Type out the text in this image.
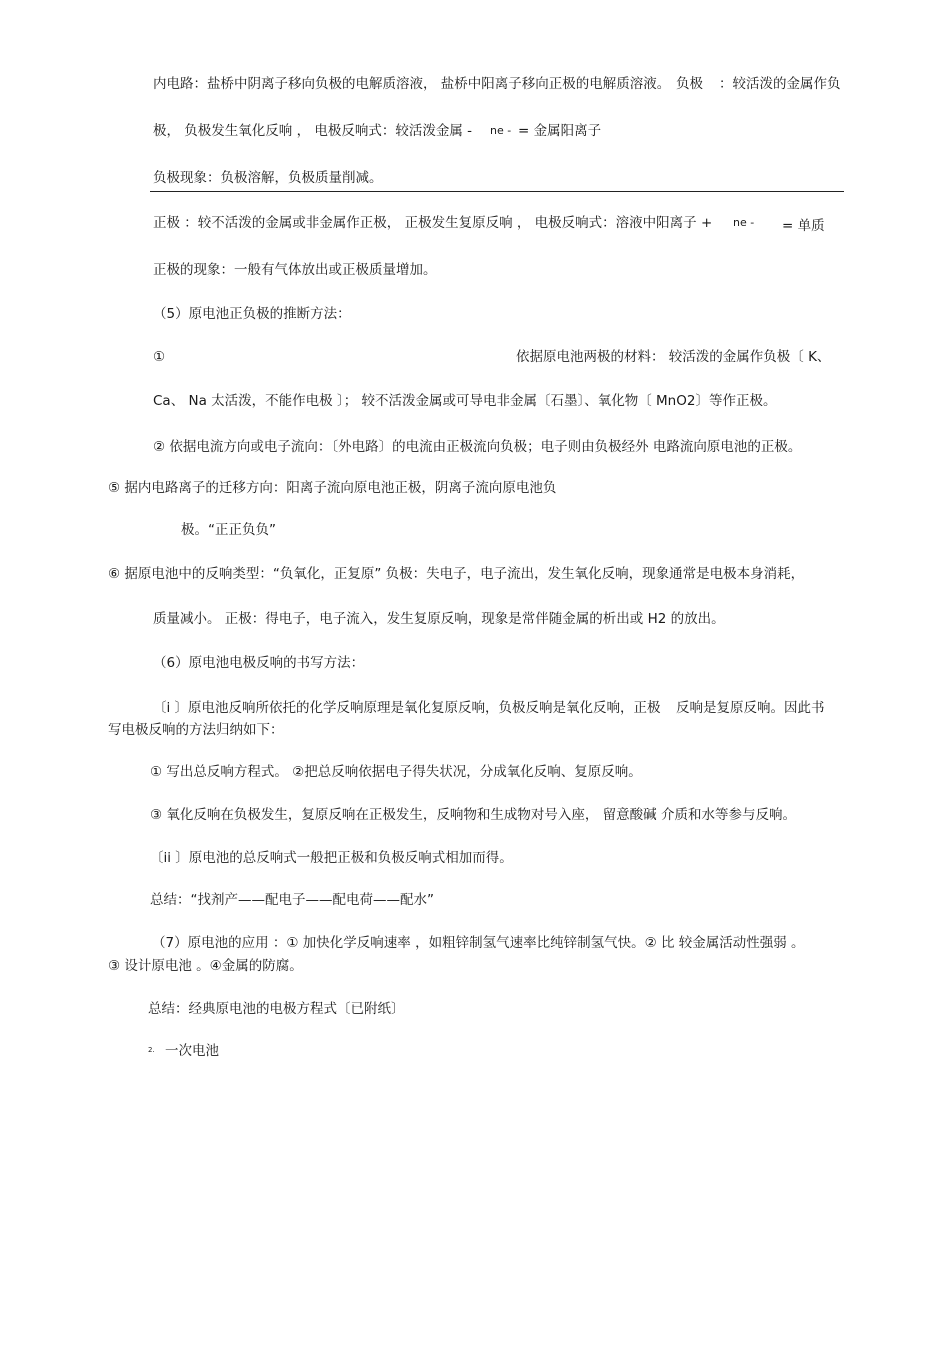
内电路：盐桥中阴离子移向负极的电解质溶液， 盐桥中阳离子移向正极的电解质溶液。 负极 ：较活泼的金属作负
极， 负极发生氧化反响 ， 电极反响式：较活泼金属 - ne - = 金属阳离子
负极现象：负极溶解，负极质量削减。
正极 ：较不活泼的金属或非金属作正极， 正极发生复原反响 ， 电极反响式：溶液中阳离子 + ne - = 单质
正极的现象：一般有气体放出或正极质量增加。
（5）原电池正负极的推断方法：
①	依据原电池两极的材料： 较活泼的金属作负极〔 K、
Ca、 Na 太活泼，不能作电极 〕； 较不活泼金属或可导电非金属〔石墨〕、氧化物〔 MnO2〕等作正极。
② 依据电流方向或电子流向：〔外电路〕的电流由正极流向负极；电子则由负极经外 电路流向原电池的正极。
⑤ 据内电路离子的迁移方向：阳离子流向原电池正极，阴离子流向原电池负
极。“正正负负”
⑥ 据原电池中的反响类型：“负氧化，正复原” 负极：失电子，电子流出，发生氧化反响，现象通常是电极本身消耗，
质量减小。 正极：得电子，电子流入，发生复原反响，现象是常伴随金属的析出或 H2 的放出。
（6）原电池电极反响的书写方法：
〔i 〕原电池反响所依托的化学反响原理是氧化复原反响，负极反响是氧化反响，正极 反响是复原反响。因此书
写电极反响的方法归纳如下：
① 写出总反响方程式。 ②把总反响依据电子得失状况，分成氧化反响、复原反响。
③ 氧化反响在负极发生，复原反响在正极发生，反响物和生成物对号入座， 留意酸碱 介质和水等参与反响。
〔ii 〕原电池的总反响式一般把正极和负极反响式相加而得。
总结：“找剂产——配电子——配电荷——配水”
（7）原电池的应用 ：① 加快化学反响速率 ，如粗锌制氢气速率比纯锌制氢气快。② 比 较金属活动性强弱 。
③ 设计原电池 。④金属的防腐。
总结：经典原电池的电极方程式〔已附纸〕
2. 一次电池
